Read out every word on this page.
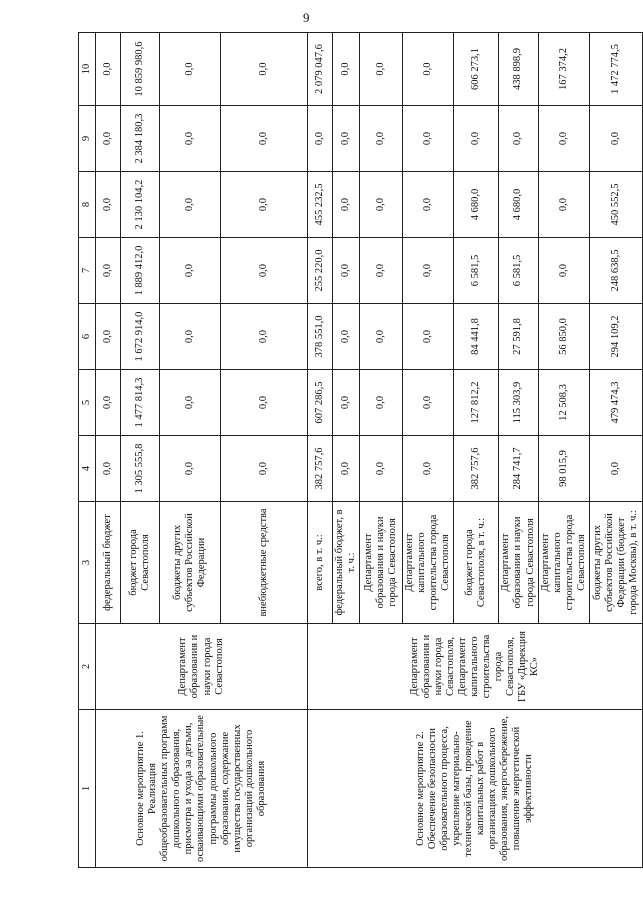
9
1	2	3	4	5	6	7	8	9	10
Основное мероприятие 1. Реализация общеобразовательных программ дошкольного образования, присмотра и ухода за детьми, осваивающими образовательные программы дошкольного образования, содержание имущества государственных организаций дошкольного образования	Департамент образования и науки города Севастополя	федеральный бюджет	0,0	0,0	0,0	0,0	0,0	0,0	0,0
		бюджет города Севастополя	1 305 555,8	1 477 814,3	1 672 914,0	1 889 412,0	2 130 104,2	2 384 180,3	10 859 980,6
		бюджеты других субъектов Российской Федерации	0,0	0,0	0,0	0,0	0,0	0,0	0,0
		внебюджетные средства	0,0	0,0	0,0	0,0	0,0	0,0	0,0
Основное мероприятие 2. Обеспечение безопасности образовательного процесса, укрепление материально-технической базы, проведение капитальных работ в организациях дошкольного образования, энергосбережение, повышение энергетической эффективности	Департамент образования и науки города Севастополя, Департамент капитального строительства города Севастополя, ГБУ «Дирекция КС»	всего, в т. ч.:	382 757,6	607 286,5	378 551,0	255 220,0	455 232,5	0,0	2 079 047,6
		федеральный бюджет, в т. ч.:	0,0	0,0	0,0	0,0	0,0	0,0	0,0
		Департамент образования и науки города Севастополя	0,0	0,0	0,0	0,0	0,0	0,0	0,0
		Департамент капитального строительства города Севастополя	0,0	0,0	0,0	0,0	0,0	0,0	0,0
		бюджет города Севастополя, в т. ч.:	382 757,6	127 812,2	84 441,8	6 581,5	4 680,0	0,0	606 273,1
		Департамент образования и науки города Севастополя	284 741,7	115 303,9	27 591,8	6 581,5	4 680,0	0,0	438 898,9
		Департамент капитального строительства города Севастополя	98 015,9	12 508,3	56 850,0	0,0	0,0	0,0	167 374,2
		бюджеты других субъектов Российской Федерации (бюджет города Москвы), в т. ч.:	0,0	479 474,3	294 109,2	248 638,5	450 552,5	0,0	1 472 774,5
